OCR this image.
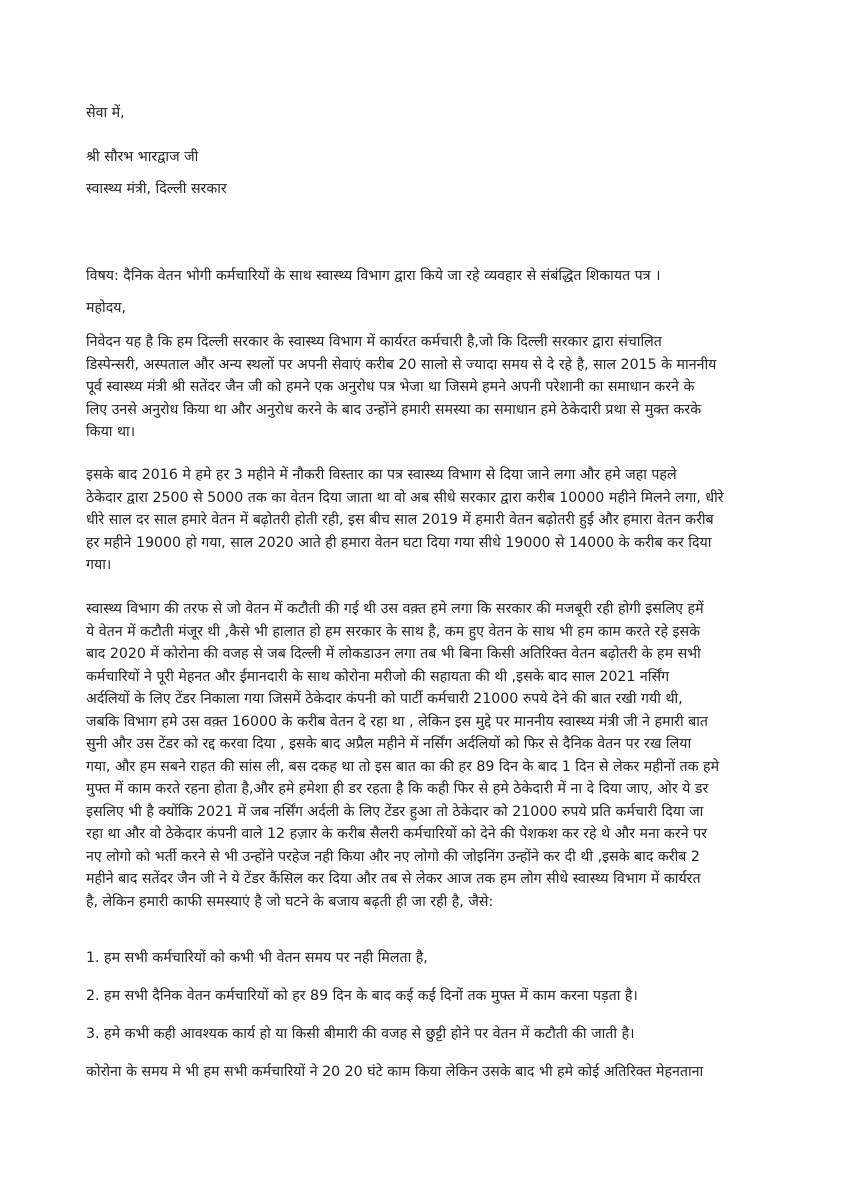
सेवा में,

श्री सौरभ भारद्वाज जी

स्वास्थ्य मंत्री, दिल्ली सरकार

विषय: दैनिक वेतन भोगी कर्मचारियों के साथ स्वास्थ्य विभाग द्वारा किये जा रहे व्यवहार से संबंद्धित शिकायत पत्र ।

महोदय,

निवेदन यह है कि हम दिल्ली सरकार के स्वास्थ्य विभाग में कार्यरत कर्मचारी है,जो कि दिल्ली सरकार द्वारा संचालित
डिस्पेन्सरी, अस्पताल और अन्य स्थलों पर अपनी सेवाएं करीब 20 सालो से ज्यादा समय से दे रहे है, साल 2015 के माननीय
पूर्व स्वास्थ्य मंत्री श्री सतेंदर जैन जी को हमने एक अनुरोध पत्र भेजा था जिसमे हमने अपनी परेशानी का समाधान करने के
लिए उनसे अनुरोध किया था और अनुरोध करने के बाद उन्होंने हमारी समस्या का समाधान हमे ठेकेदारी प्रथा से मुक्त करके
किया था।

इसके बाद 2016 मे हमे हर 3 महीने में नौकरी विस्तार का पत्र स्वास्थ्य विभाग से दिया जाने लगा और हमे जहा पहले
ठेकेदार द्वारा 2500 से 5000 तक का वेतन दिया जाता था वो अब सीधे सरकार द्वारा करीब 10000 महीने मिलने लगा, धीरे
धीरे साल दर साल हमारे वेतन में बढ़ोतरी होती रही, इस बीच साल 2019 में हमारी वेतन बढ़ोतरी हुई और हमारा वेतन करीब
हर महीने 19000 हो गया, साल 2020 आते ही हमारा वेतन घटा दिया गया सीधे 19000 से 14000 के करीब कर दिया
गया।

स्वास्थ्य विभाग की तरफ से जो वेतन में कटौती की गई थी उस वक़्त हमे लगा कि सरकार की मजबूरी रही होगी इसलिए हमें
ये वेतन में कटौती मंजूर थी ,कैसे भी हालात हो हम सरकार के साथ है, कम हुए वेतन के साथ भी हम काम करते रहे इसके
बाद 2020 में कोरोना की वजह से जब दिल्ली में लोकडाउन लगा तब भी बिना किसी अतिरिक्त वेतन बढ़ोतरी के हम सभी
कर्मचारियों ने पूरी मेहनत और ईमानदारी के साथ कोरोना मरीजो की सहायता की थी ,इसके बाद साल 2021 नर्सिंग
अर्दलियों के लिए टेंडर निकाला गया जिसमें ठेकेदार कंपनी को पार्टी कर्मचारी 21000 रुपये देने की बात रखी गयी थी,
जबकि विभाग हमे उस वक़्त 16000 के करीब वेतन दे रहा था , लेकिन इस मुद्दे पर माननीय स्वास्थ्य मंत्री जी ने हमारी बात
सुनी और उस टेंडर को रद्द करवा दिया , इसके बाद अप्रैल महीने में नर्सिंग अर्दलियों को फिर से दैनिक वेतन पर रख लिया
गया, और हम सबने राहत की सांस ली, बस दकह था तो इस बात का की हर 89 दिन के बाद 1 दिन से लेकर महीनों तक हमे
मुफ्त में काम करते रहना होता है,और हमे हमेशा ही डर रहता है कि कही फिर से हमे ठेकेदारी में ना दे दिया जाए, ओर ये डर
इसलिए भी है क्योंकि 2021 में जब नर्सिंग अर्दली के लिए टेंडर हुआ तो ठेकेदार को 21000 रुपये प्रति कर्मचारी दिया जा
रहा था और वो ठेकेदार कंपनी वाले 12 हज़ार के करीब सैलरी कर्मचारियों को देने की पेशकश कर रहे थे और मना करने पर
नए लोगो को भर्ती करने से भी उन्होंने परहेज नही किया और नए लोगो की जोइनिंग उन्होंने कर दी थी ,इसके बाद करीब 2
महीने बाद सतेंदर जैन जी ने ये टेंडर कैंसिल कर दिया और तब से लेकर आज तक हम लोग सीधे स्वास्थ्य विभाग में कार्यरत
है, लेकिन हमारी काफी समस्याएं है जो घटने के बजाय बढ़ती ही जा रही है, जैसे:

1. हम सभी कर्मचारियों को कभी भी वेतन समय पर नही मिलता है,

2. हम सभी दैनिक वेतन कर्मचारियों को हर 89 दिन के बाद कई कई दिनों तक मुफ्त में काम करना पड़ता है।

3. हमे कभी कही आवश्यक कार्य हो या किसी बीमारी की वजह से छुट्टी होने पर वेतन में कटौती की जाती है।

कोरोना के समय मे भी हम सभी कर्मचारियों ने 20 20 घंटे काम किया लेकिन उसके बाद भी हमे कोई अतिरिक्त मेहनताना
